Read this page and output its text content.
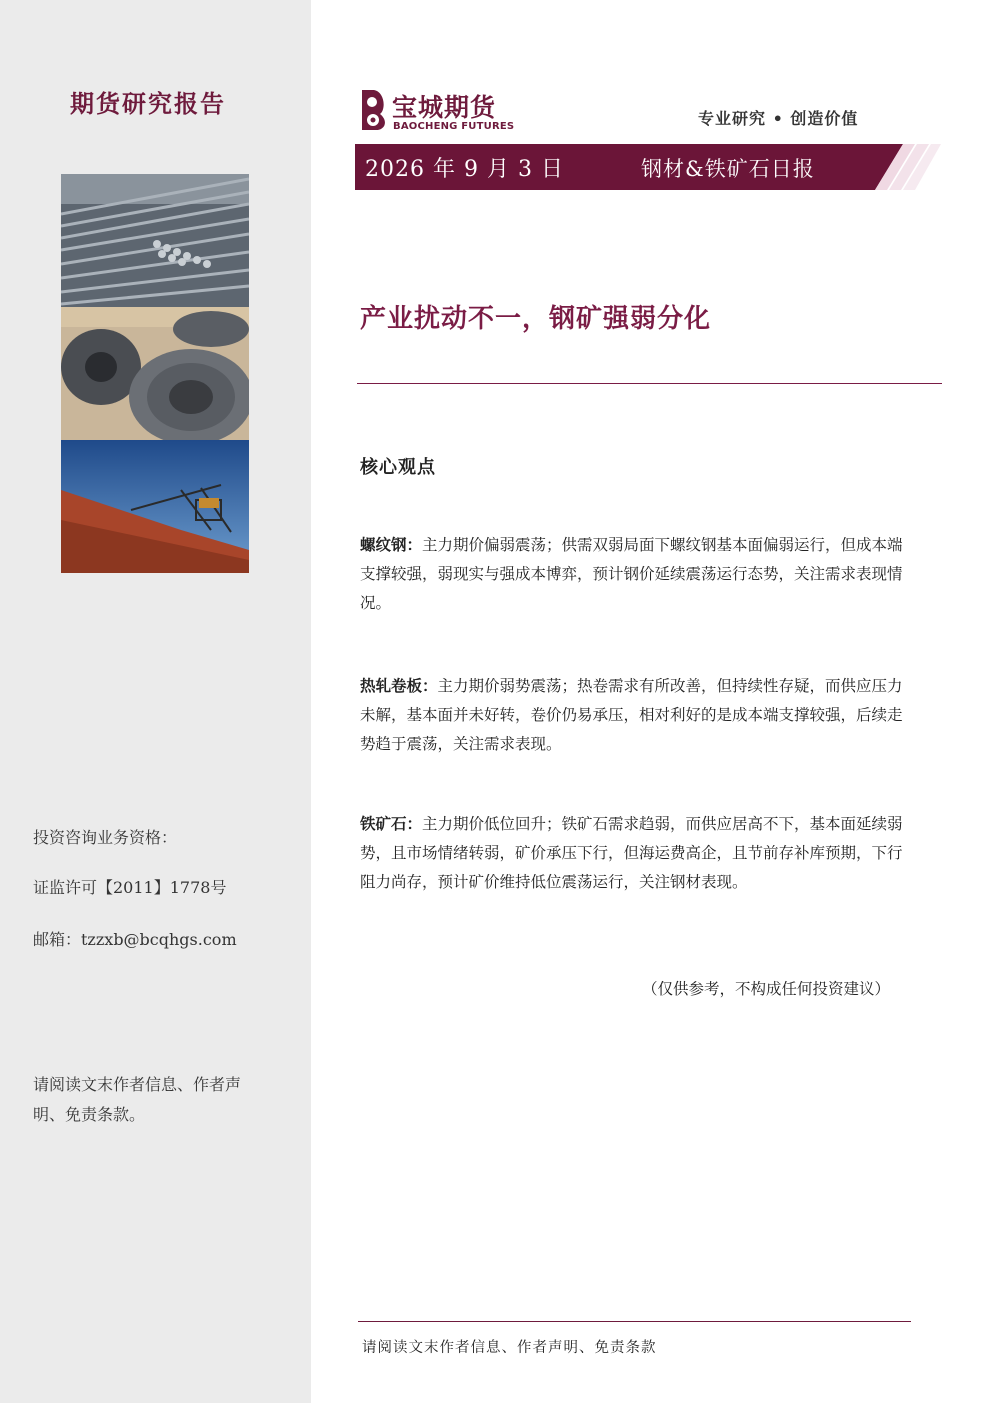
期货研究报告
投资咨询业务资格：
证监许可【2011】1778号
邮箱：tzzxb@bcqhgs.com
请阅读文末作者信息、作者声
明、免责条款。
宝城期货
BAOCHENG FUTURES	专业研究 • 创造价值
2026 年 9 月 3 日	钢材&铁矿石日报
产业扰动不一，钢矿强弱分化
核心观点
螺纹钢：主力期价偏弱震荡；供需双弱局面下螺纹钢基本面偏弱运行，但成本端支撑较强，弱现实与强成本博弈，预计钢价延续震荡运行态势，关注需求表现情况。
热轧卷板：主力期价弱势震荡；热卷需求有所改善，但持续性存疑，而供应压力未解，基本面并未好转，卷价仍易承压，相对利好的是成本端支撑较强，后续走势趋于震荡，关注需求表现。
铁矿石：主力期价低位回升；铁矿石需求趋弱，而供应居高不下，基本面延续弱势，且市场情绪转弱，矿价承压下行，但海运费高企，且节前存补库预期，下行阻力尚存，预计矿价维持低位震荡运行，关注钢材表现。
（仅供参考，不构成任何投资建议）
请阅读文末作者信息、作者声明、免责条款
